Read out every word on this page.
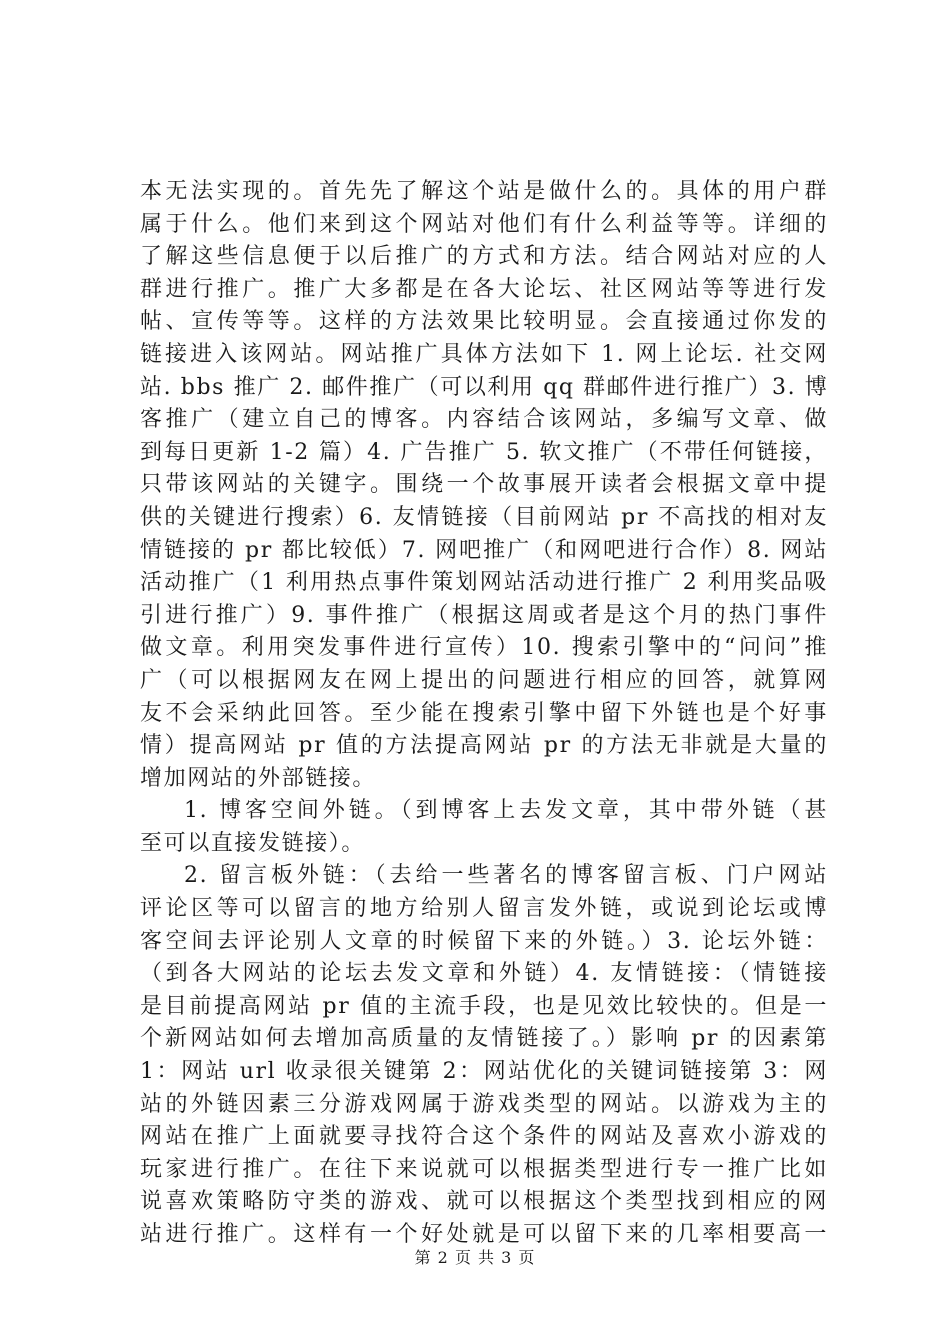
本无法实现的。首先先了解这个站是做什么的。具体的用户群
属于什么。他们来到这个网站对他们有什么利益等等。详细的
了解这些信息便于以后推广的方式和方法。结合网站对应的人
群进行推广。推广大多都是在各大论坛、社区网站等等进行发
帖、宣传等等。这样的方法效果比较明显。会直接通过你发的
链接进入该网站。网站推广具体方法如下 1. 网上论坛. 社交网
站. bbs 推广 2. 邮件推广（可以利用 qq 群邮件进行推广）3. 博
客推广（建立自己的博客。内容结合该网站，多编写文章、做
到每日更新 1-2 篇）4. 广告推广 5. 软文推广（不带任何链接，
只带该网站的关键字。围绕一个故事展开读者会根据文章中提
供的关键进行搜索）6. 友情链接（目前网站 pr 不高找的相对友
情链接的 pr 都比较低）7. 网吧推广（和网吧进行合作）8. 网站
活动推广（1 利用热点事件策划网站活动进行推广 2 利用奖品吸
引进行推广）9. 事件推广（根据这周或者是这个月的热门事件
做文章。利用突发事件进行宣传）10. 搜索引擎中的“问问”推
广（可以根据网友在网上提出的问题进行相应的回答，就算网
友不会采纳此回答。至少能在搜索引擎中留下外链也是个好事
情）提高网站 pr 值的方法提高网站 pr 的方法无非就是大量的
增加网站的外部链接。
1. 博客空间外链。（到博客上去发文章，其中带外链（甚
至可以直接发链接）。
2. 留言板外链：（去给一些著名的博客留言板、门户网站
评论区等可以留言的地方给别人留言发外链，或说到论坛或博
客空间去评论别人文章的时候留下来的外链。）3. 论坛外链：
（到各大网站的论坛去发文章和外链）4. 友情链接：（情链接
是目前提高网站 pr 值的主流手段，也是见效比较快的。但是一
个新网站如何去增加高质量的友情链接了。）影响 pr 的因素第
1：网站 url 收录很关键第 2：网站优化的关键词链接第 3：网
站的外链因素三分游戏网属于游戏类型的网站。以游戏为主的
网站在推广上面就要寻找符合这个条件的网站及喜欢小游戏的
玩家进行推广。在往下来说就可以根据类型进行专一推广比如
说喜欢策略防守类的游戏、就可以根据这个类型找到相应的网
站进行推广。这样有一个好处就是可以留下来的几率相要高一
第 2 页 共 3 页
